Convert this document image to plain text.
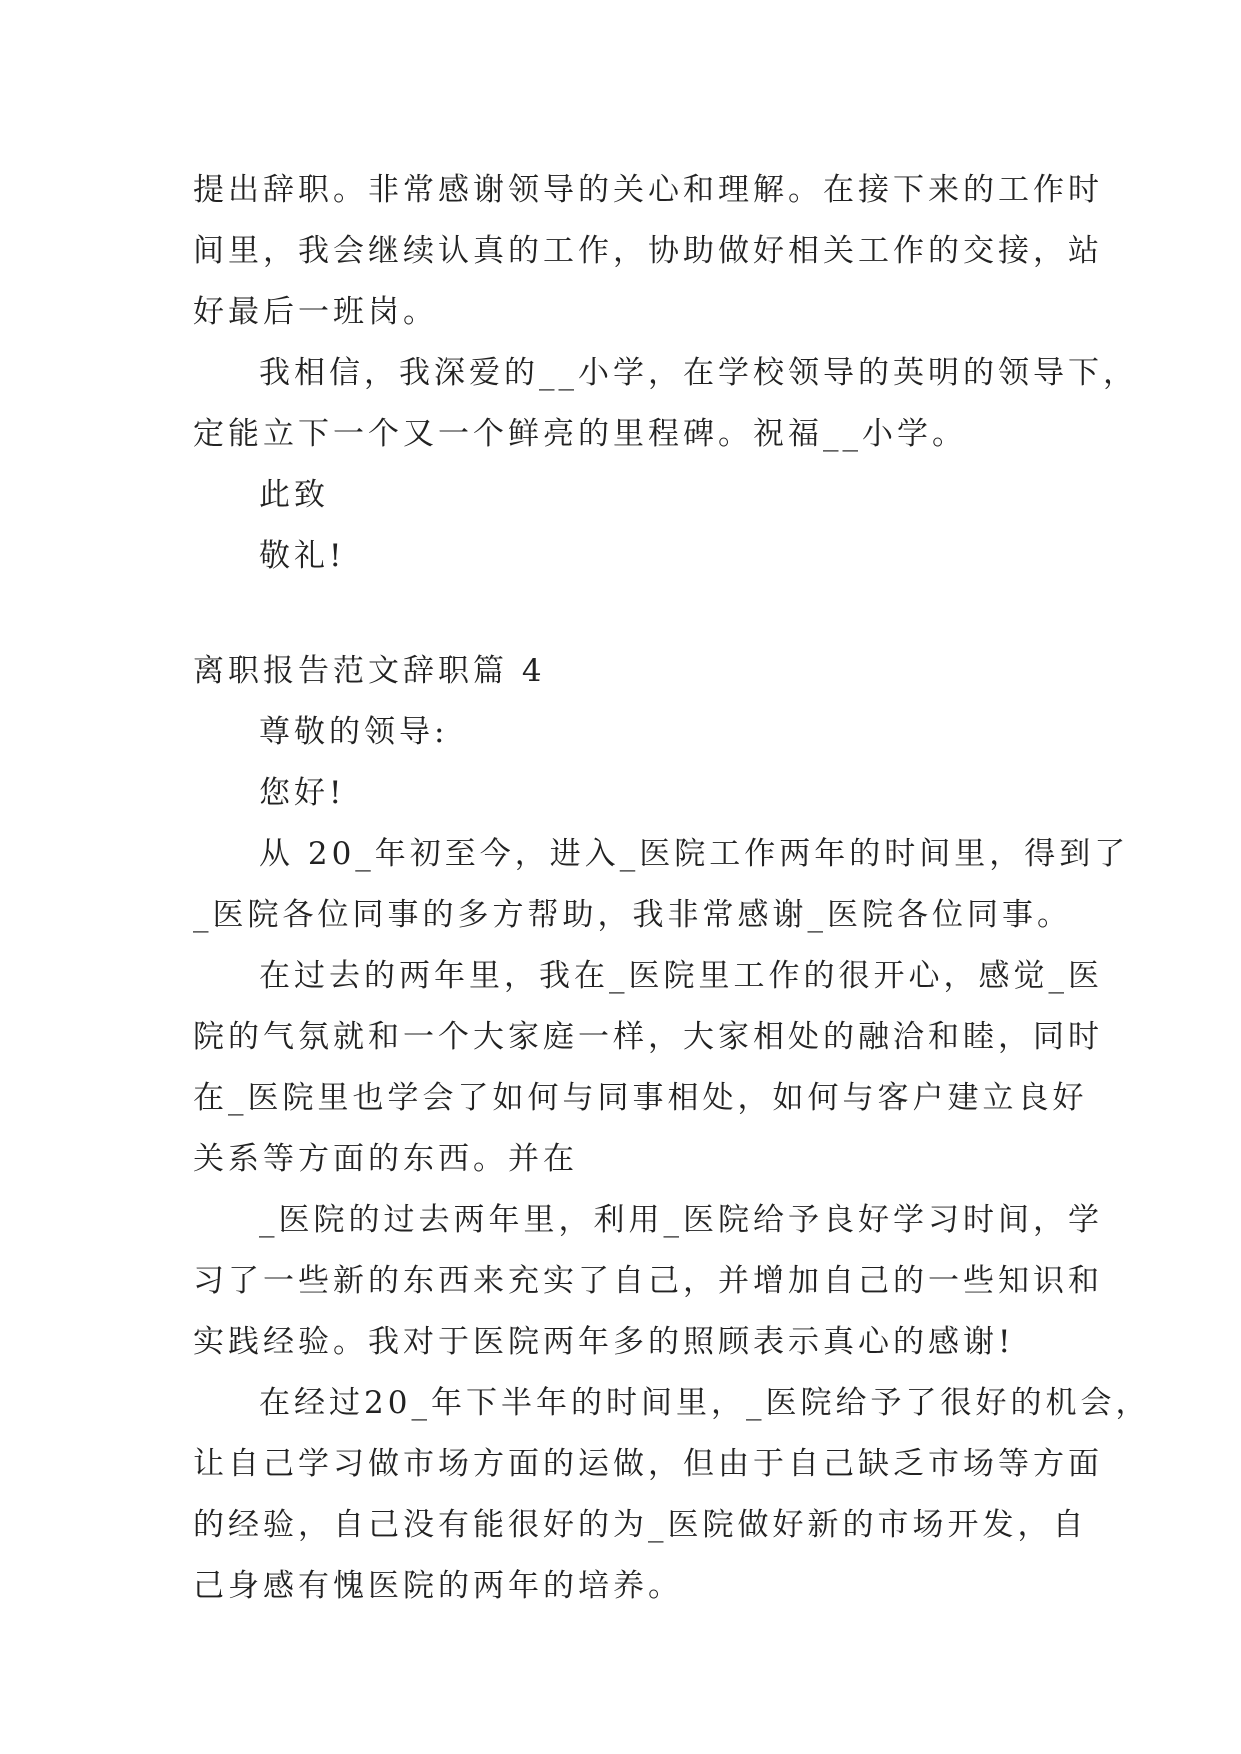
提出辞职。非常感谢领导的关心和理解。在接下来的工作时
间里，我会继续认真的工作，协助做好相关工作的交接，站
好最后一班岗。
我相信，我深爱的__小学，在学校领导的英明的领导下，
定能立下一个又一个鲜亮的里程碑。祝福__小学。
此致
敬礼!
离职报告范文辞职篇 4
尊敬的领导:
您好!
从 20_年初至今，进入_医院工作两年的时间里，得到了
_医院各位同事的多方帮助，我非常感谢_医院各位同事。
在过去的两年里，我在_医院里工作的很开心，感觉_医
院的气氛就和一个大家庭一样，大家相处的融洽和睦，同时
在_医院里也学会了如何与同事相处，如何与客户建立良好
关系等方面的东西。并在
_医院的过去两年里，利用_医院给予良好学习时间，学
习了一些新的东西来充实了自己，并增加自己的一些知识和
实践经验。我对于医院两年多的照顾表示真心的感谢!
在经过20_年下半年的时间里，_医院给予了很好的机会，
让自己学习做市场方面的运做，但由于自己缺乏市场等方面
的经验，自己没有能很好的为_医院做好新的市场开发，自
己身感有愧医院的两年的培养。
